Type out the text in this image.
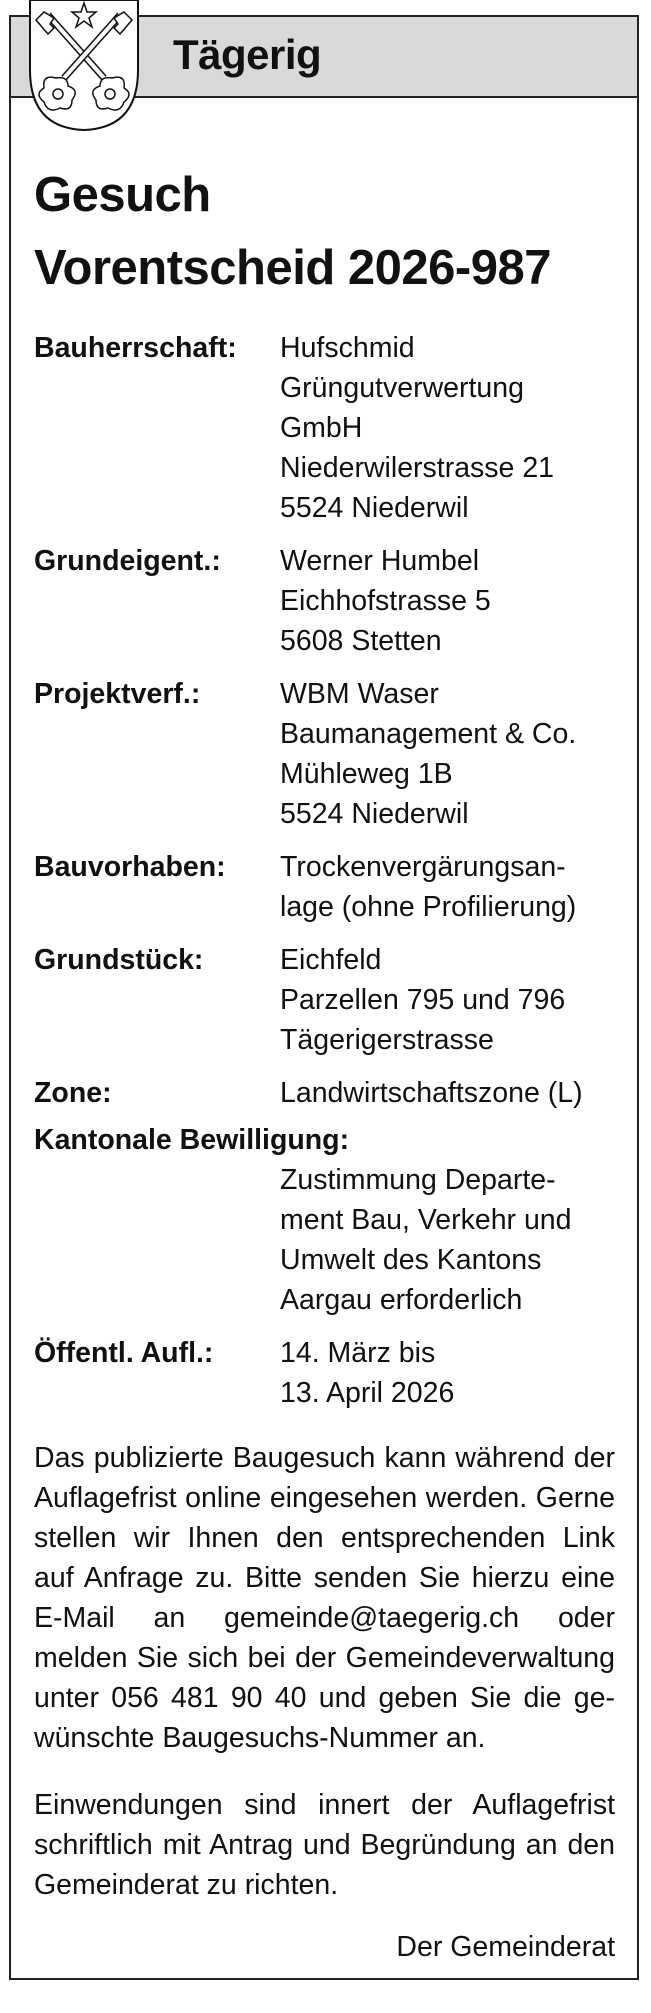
Tägerig
Gesuch
Vorentscheid 2026-987
Bauherrschaft:	Hufschmid
Grüngutverwertung
GmbH
Niederwilerstrasse 21
5524 Niederwil
Grundeigent.:	Werner Humbel
Eichhofstrasse 5
5608 Stetten
Projektverf.:	WBM Waser
Baumanagement & Co.
Mühleweg 1B
5524 Niederwil
Bauvorhaben:	Trockenvergärungsan-
lage (ohne Profilierung)
Grundstück:	Eichfeld
Parzellen 795 und 796
Tägerigerstrasse
Zone:	Landwirtschaftszone (L)
Kantonale Bewilligung:
Zustimmung Departe-
ment Bau, Verkehr und
Umwelt des Kantons
Aargau erforderlich
Öffentl. Aufl.:	14. März bis
13. April 2026

Das publizierte Baugesuch kann während der Auflagefrist online eingesehen werden. Gerne stellen wir Ihnen den entsprechenden Link auf Anfrage zu. Bitte senden Sie hierzu eine E-Mail an gemeinde@taegerig.ch oder melden Sie sich bei der Gemeindeverwaltung unter 056 481 90 40 und geben Sie die gewünschte Baugesuchs-Nummer an.

Einwendungen sind innert der Auflagefrist schriftlich mit Antrag und Begründung an den Gemeinderat zu richten.

Der Gemeinderat
